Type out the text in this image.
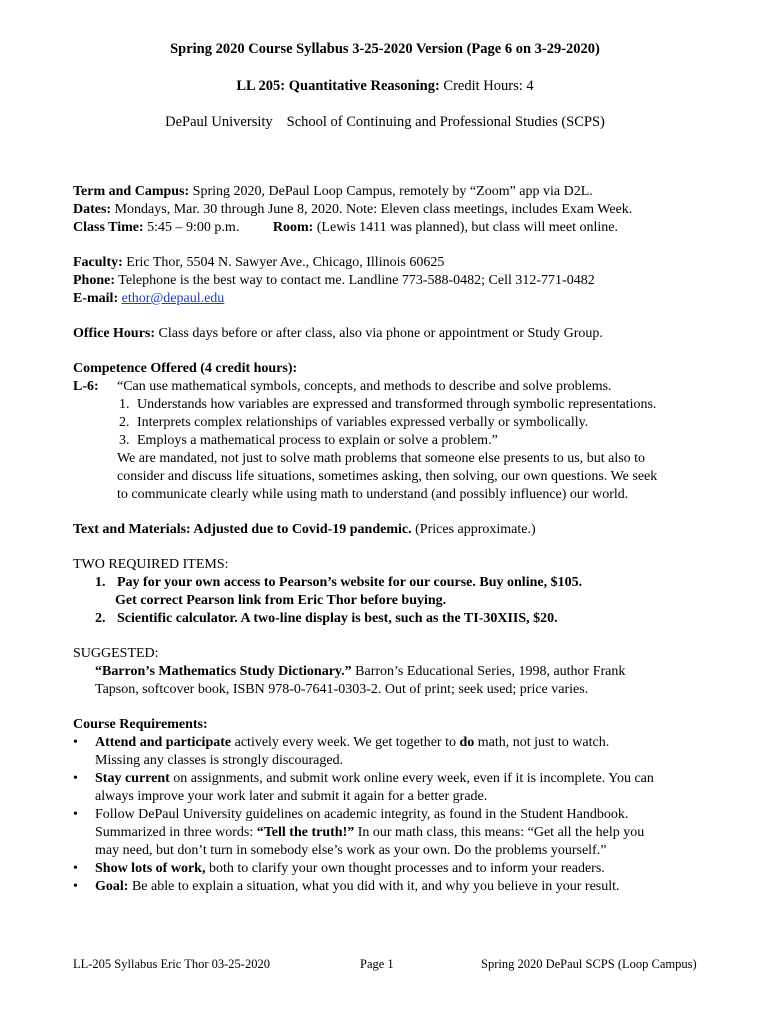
Spring 2020 Course Syllabus 3-25-2020 Version (Page 6 on 3-29-2020)
LL 205: Quantitative Reasoning: Credit Hours: 4
DePaul University School of Continuing and Professional Studies (SCPS)
Term and Campus: Spring 2020, DePaul Loop Campus, remotely by “Zoom” app via D2L.
Dates: Mondays, Mar. 30 through June 8, 2020. Note: Eleven class meetings, includes Exam Week.
Class Time: 5:45 – 9:00 p.m. Room: (Lewis 1411 was planned), but class will meet online.
Faculty: Eric Thor, 5504 N. Sawyer Ave., Chicago, Illinois 60625
Phone: Telephone is the best way to contact me. Landline 773-588-0482; Cell 312-771-0482
E-mail: ethor@depaul.edu
Office Hours: Class days before or after class, also via phone or appointment or Study Group.
Competence Offered (4 credit hours):
L-6: “Can use mathematical symbols, concepts, and methods to describe and solve problems.
1. Understands how variables are expressed and transformed through symbolic representations.
2. Interprets complex relationships of variables expressed verbally or symbolically.
3. Employs a mathematical process to explain or solve a problem.”
We are mandated, not just to solve math problems that someone else presents to us, but also to
consider and discuss life situations, sometimes asking, then solving, our own questions. We seek
to communicate clearly while using math to understand (and possibly influence) our world.
Text and Materials: Adjusted due to Covid-19 pandemic. (Prices approximate.)
TWO REQUIRED ITEMS:
1. Pay for your own access to Pearson’s website for our course. Buy online, $105.
Get correct Pearson link from Eric Thor before buying.
2. Scientific calculator. A two-line display is best, such as the TI-30XIIS, $20.
SUGGESTED:
“Barron’s Mathematics Study Dictionary.” Barron’s Educational Series, 1998, author Frank
Tapson, softcover book, ISBN 978-0-7641-0303-2. Out of print; seek used; price varies.
Course Requirements:
• Attend and participate actively every week. We get together to do math, not just to watch.
Missing any classes is strongly discouraged.
• Stay current on assignments, and submit work online every week, even if it is incomplete. You can
always improve your work later and submit it again for a better grade.
• Follow DePaul University guidelines on academic integrity, as found in the Student Handbook.
Summarized in three words: “Tell the truth!” In our math class, this means: “Get all the help you
may need, but don’t turn in somebody else’s work as your own. Do the problems yourself.”
• Show lots of work, both to clarify your own thought processes and to inform your readers.
• Goal: Be able to explain a situation, what you did with it, and why you believe in your result.
LL-205 Syllabus Eric Thor 03-25-2020	Page 1	Spring 2020 DePaul SCPS (Loop Campus)
